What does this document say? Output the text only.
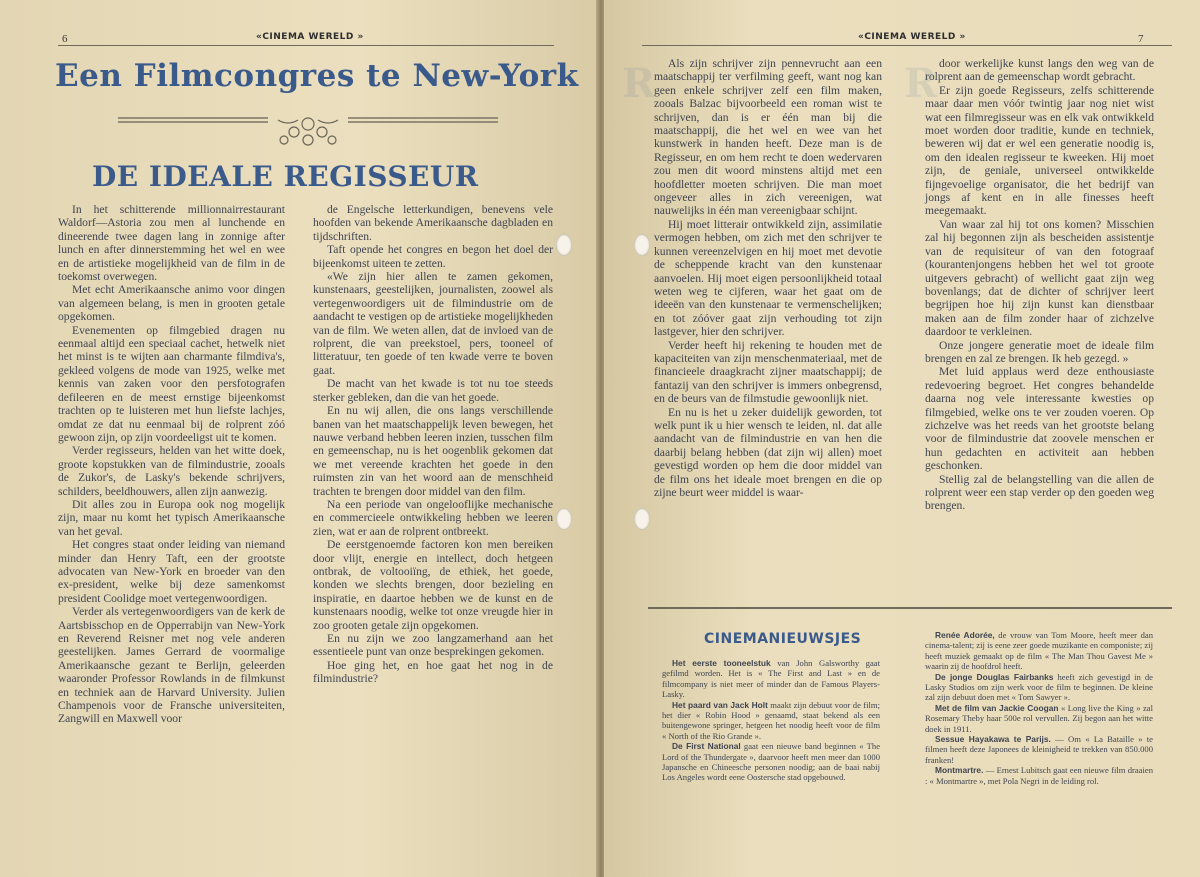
6	«CINEMA WERELD »
Een Filmcongres te New-York
DE IDEALE REGISSEUR

In het schitterende millionnairrestaurant Waldorf—Astoria zou men al lunchende en dineerende twee dagen lang in zonnige after lunch en after dinnerstemming het wel en wee en de artistieke mogelijkheid van de film in de toekomst overwegen.

Met echt Amerikaansche animo voor dingen van algemeen belang, is men in grooten getale opgekomen.

Evenementen op filmgebied dragen nu eenmaal altijd een speciaal cachet, hetwelk niet het minst is te wijten aan charmante filmdiva's, gekleed volgens de mode van 1925, welke met kennis van zaken voor den persfotografen defileeren en de meest ernstige bijeenkomst trachten op te luisteren met hun liefste lachjes, omdat ze dat nu eenmaal bij de rolprent zóó gewoon zijn, op zijn voordeeligst uit te komen.

Verder regisseurs, helden van het witte doek, groote kopstukken van de filmindustrie, zooals de Zukor's, de Lasky's bekende schrijvers, schilders, beeldhouwers, allen zijn aanwezig.

Dit alles zou in Europa ook nog mogelijk zijn, maar nu komt het typisch Amerikaansche van het geval.

Het congres staat onder leiding van niemand minder dan Henry Taft, een der grootste advocaten van New-York en broeder van den ex-president, welke bij deze samenkomst president Coolidge moet vertegenwoordigen.

Verder als vertegenwoordigers van de kerk de Aartsbisschop en de Opperrabijn van New-York en Reverend Reisner met nog vele anderen geestelijken. James Gerrard de voormalige Amerikaansche gezant te Berlijn, geleerden waaronder Professor Rowlands in de filmkunst en techniek aan de Harvard University. Julien Champenois voor de Fransche universiteiten, Zangwill en Maxwell voor

de Engelsche letterkundigen, benevens vele hoofden van bekende Amerikaansche dagbladen en tijdschriften.

Taft opende het congres en begon het doel der bijeenkomst uiteen te zetten.

«We zijn hier allen te zamen gekomen, kunstenaars, geestelijken, journalisten, zoowel als vertegenwoordigers uit de filmindustrie om de aandacht te vestigen op de artistieke mogelijkheden van de film. We weten allen, dat de invloed van de rolprent, die van preekstoel, pers, tooneel of litteratuur, ten goede of ten kwade verre te boven gaat.

De macht van het kwade is tot nu toe steeds sterker gebleken, dan die van het goede.

En nu wij allen, die ons langs verschillende banen van het maatschappelijk leven bewegen, het nauwe verband hebben leeren inzien, tusschen film en gemeenschap, nu is het oogenblik gekomen dat we met vereende krachten het goede in den ruimsten zin van het woord aan de menschheid trachten te brengen door middel van den film.

Na een periode van ongelooflijke mechanische en commercieele ontwikkeling hebben we leeren zien, wat er aan de rolprent ontbreekt.

De eerstgenoemde factoren kon men bereiken door vlijt, energie en intellect, doch hetgeen ontbrak, de voltooiïng, de ethiek, het goede, konden we slechts brengen, door bezieling en inspiratie, en daartoe hebben we de kunst en de kunstenaars noodig, welke tot onze vreugde hier in zoo grooten getale zijn opgekomen.

En nu zijn we zoo langzamerhand aan het essentieele punt van onze besprekingen gekomen.

Hoe ging het, en hoe gaat het nog in de filmindustrie?

R	R
«CINEMA WERELD »	7

Als zijn schrijver zijn pennevrucht aan een maatschappij ter verfilming geeft, want nog kan geen enkele schrijver zelf een film maken, zooals Balzac bijvoorbeeld een roman wist te schrijven, dan is er één man bij die maatschappij, die het wel en wee van het kunstwerk in handen heeft. Deze man is de Regisseur, en om hem recht te doen wedervaren zou men dit woord minstens altijd met een hoofdletter moeten schrijven. Die man moet ongeveer alles in zich vereenigen, wat nauwelijks in één man vereenigbaar schijnt.

Hij moet litterair ontwikkeld zijn, assimilatie vermogen hebben, om zich met den schrijver te kunnen vereenzelvigen en hij moet met devotie de scheppende kracht van den kunstenaar aanvoelen. Hij moet eigen persoonlijkheid totaal weten weg te cijferen, waar het gaat om de ideeën van den kunstenaar te vermenschelijken; en tot zóóver gaat zijn verhouding tot zijn lastgever, hier den schrijver.

Verder heeft hij rekening te houden met de kapaciteiten van zijn menschenmateriaal, met de financieele draagkracht zijner maatschappij; de fantazij van den schrijver is immers onbegrensd, en de beurs van de filmstudie gewoonlijk niet.

En nu is het u zeker duidelijk geworden, tot welk punt ik u hier wensch te leiden, nl. dat alle aandacht van de filmindustrie en van hen die daarbij belang hebben (dat zijn wij allen) moet gevestigd worden op hem die door middel van de film ons het ideale moet brengen en die op zijne beurt weer middel is waar-

door werkelijke kunst langs den weg van de rolprent aan de gemeenschap wordt gebracht.

Er zijn goede Regisseurs, zelfs schitterende maar daar men vóór twintig jaar nog niet wist wat een filmregisseur was en elk vak ontwikkeld moet worden door traditie, kunde en techniek, beweren wij dat er wel een generatie noodig is, om den idealen regisseur te kweeken. Hij moet zijn, de geniale, universeel ontwikkelde fijngevoelige organisator, die het bedrijf van jongs af kent en in alle finesses heeft meegemaakt.

Van waar zal hij tot ons komen? Misschien zal hij begonnen zijn als bescheiden assistentje van de requisiteur of van den fotograaf (kourantenjongens hebben het wel tot groote uitgevers gebracht) of wellicht gaat zijn weg bovenlangs; dat de dichter of schrijver leert begrijpen hoe hij zijn kunst kan dienstbaar maken aan de film zonder haar of zichzelve daardoor te verkleinen.

Onze jongere generatie moet de ideale film brengen en zal ze brengen. Ik heb gezegd. »

Met luid applaus werd deze enthousiaste redevoering begroet. Het congres behandelde daarna nog vele interessante kwesties op filmgebied, welke ons te ver zouden voeren. Op zichzelve was het reeds van het grootste belang voor de filmindustrie dat zoovele menschen er hun gedachten en activiteit aan hebben geschonken.

Stellig zal de belangstelling van die allen de rolprent weer een stap verder op den goeden weg brengen.

CINEMANIEUWSJES

Het eerste tooneelstuk van John Galsworthy gaat gefilmd worden. Het is « The First and Last » en de filmcompany is niet meer of minder dan de Famous Players-Lasky.

Het paard van Jack Holt maakt zijn debuut voor de film; het dier « Robin Hood » genaamd, staat bekend als een buitengewone springer, hetgeen het noodig heeft voor de film « North of the Rio Grande ».

De First National gaat een nieuwe band beginnen « The Lord of the Thundergate », daarvoor heeft men meer dan 1000 Japansche en Chineesche personen noodig; aan de baai nabij Los Angeles wordt eene Oostersche stad opgebouwd.

Renée Adorée, de vrouw van Tom Moore, heeft meer dan cinema-talent; zij is eene zeer goede muzikante en componiste; zij heeft muziek gemaakt op de film « The Man Thou Gavest Me » waarin zij de hoofdrol heeft.

De jonge Douglas Fairbanks heeft zich gevestigd in de Lasky Studios om zijn werk voor de film te beginnen. De kleine zal zijn debuut doen met « Tom Sawyer ».

Met de film van Jackie Coogan « Long live the King » zal Rosemary Theby haar 500e rol vervullen. Zij begon aan het witte doek in 1911.

Sessue Hayakawa te Parijs. — Om « La Bataille » te filmen heeft deze Japonees de kleinigheid te trekken van 850.000 franken!

Montmartre. — Ernest Lubitsch gaat een nieuwe film draaien : « Montmartre », met Pola Negri in de leiding rol.
